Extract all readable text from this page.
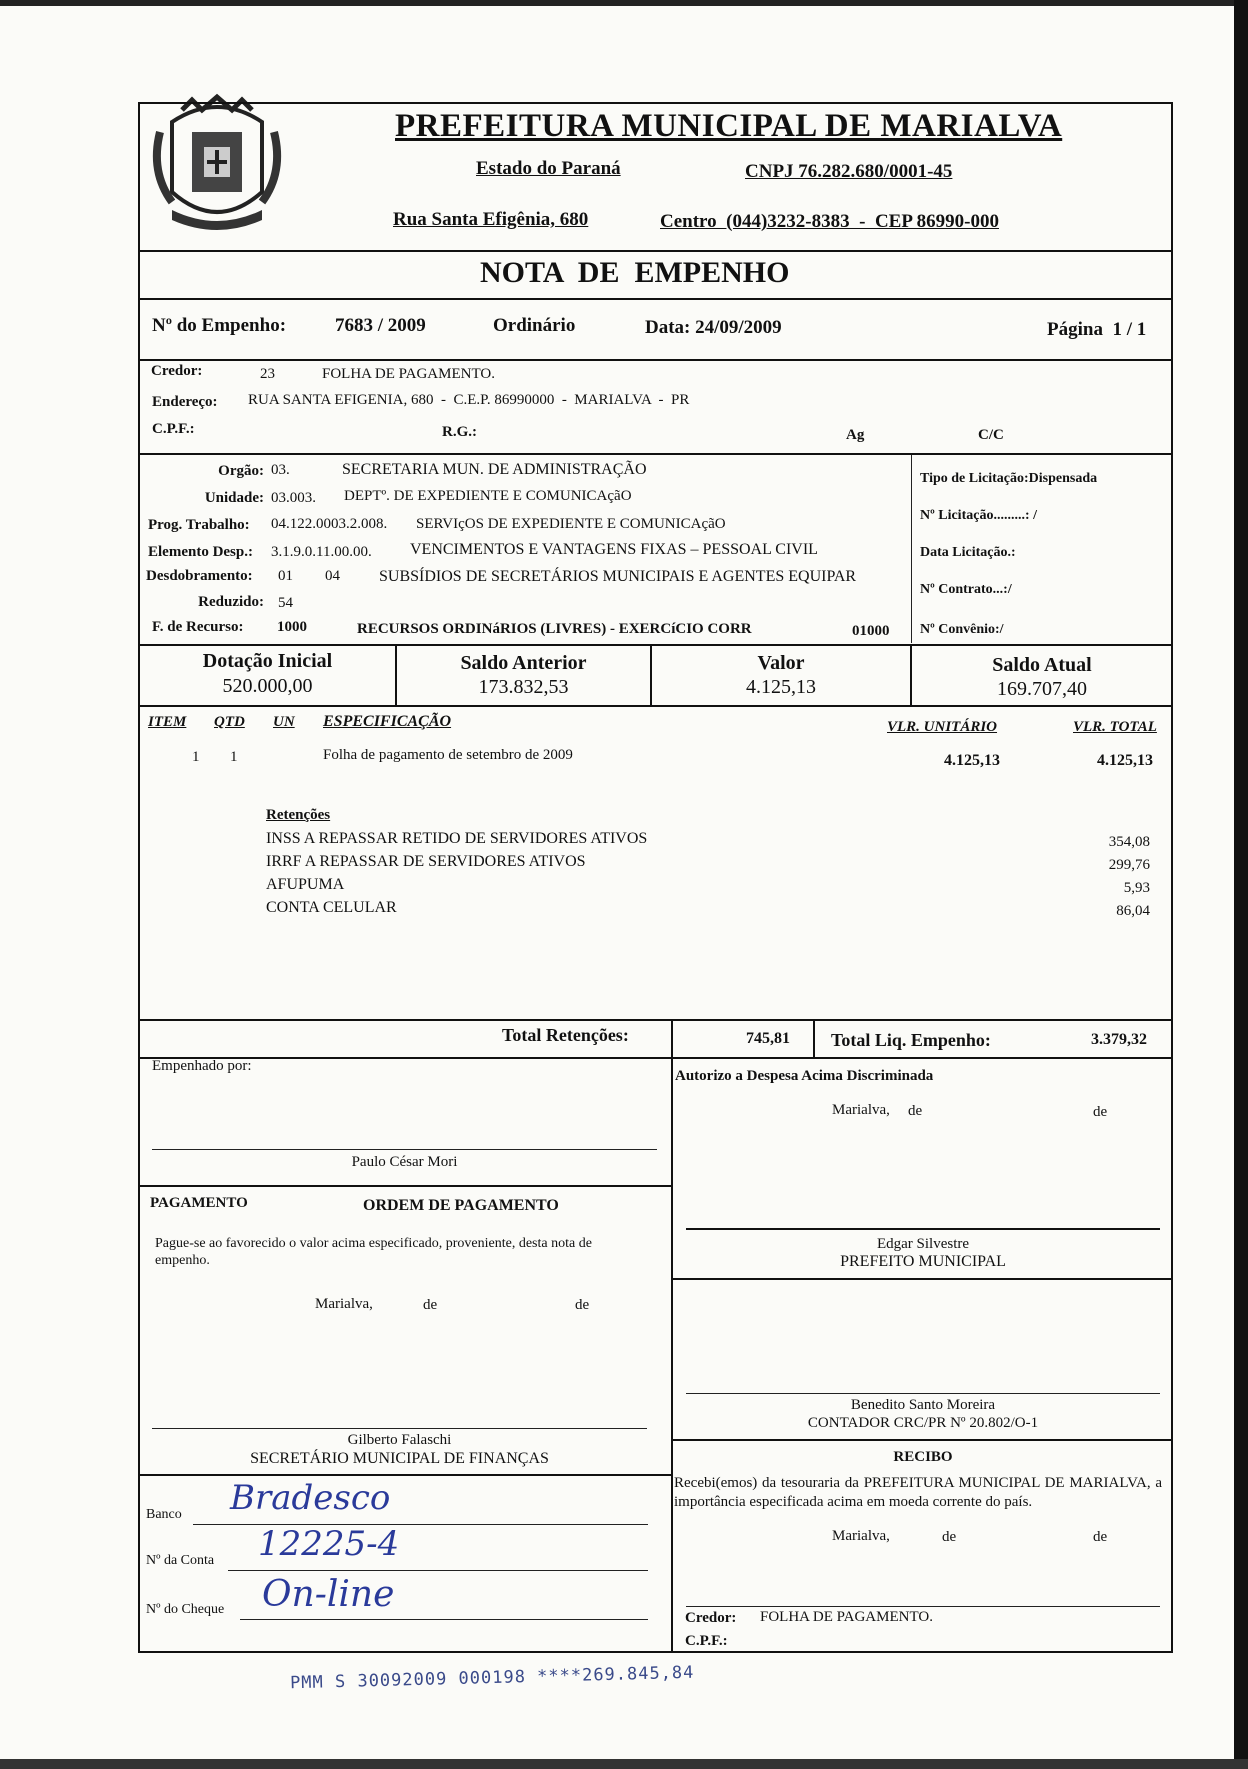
PREFEITURA MUNICIPAL DE MARIALVA
Estado do Paraná	CNPJ 76.282.680/0001-45
Rua Santa Efigênia, 680	Centro  (044)3232-8383  -  CEP 86990-000
NOTA  DE  EMPENHO
Nº do Empenho:	7683 / 2009	Ordinário	Data: 24/09/2009	Página  1 / 1
Credor:	23	FOLHA DE PAGAMENTO.
Endereço: RUA SANTA EFIGENIA, 680  -  C.E.P. 86990000  -  MARIALVA  -  PR
C.P.F.:	R.G.:	Ag	C/C
Orgão: 03.	SECRETARIA MUN. DE ADMINISTRAÇÃO
Unidade: 03.003. DEPTº. DE EXPEDIENTE E COMUNICAçãO
Prog. Trabalho: 04.122.0003.2.008. SERVIçOS DE EXPEDIENTE E COMUNICAçãO
Elemento Desp.: 3.1.9.0.11.00.00. VENCIMENTOS E VANTAGENS FIXAS – PESSOAL CIVIL
Desdobramento: 01 04 SUBSÍDIOS DE SECRETÁRIOS MUNICIPAIS E AGENTES EQUIPAR
Reduzido: 54
F. de Recurso: 1000	RECURSOS ORDINáRIOS (LIVRES) - EXERCíCIO CORR	01000
Tipo de Licitação:Dispensada
Nº Licitação.........: /
Data Licitação.:
Nº Contrato...:/
Nº Convênio:/
Dotação Inicial
520.000,00
Saldo Anterior
173.832,53
Valor
4.125,13
Saldo Atual
169.707,40
ITEM QTD UN ESPECIFICAÇÃO	VLR. UNITÁRIO	VLR. TOTAL
1 1	Folha de pagamento de setembro de 2009	4.125,13	4.125,13
Retenções
INSS A REPASSAR RETIDO DE SERVIDORES ATIVOS	354,08
IRRF A REPASSAR DE SERVIDORES ATIVOS	299,76
AFUPUMA	5,93
CONTA CELULAR	86,04
Total Retenções:	745,81 Total Liq. Empenho:	3.379,32
Empenhado por:
Paulo César Mori
Autorizo a Despesa Acima Discriminada
Marialva, de	de
PAGAMENTO	ORDEM DE PAGAMENTO
Pague-se ao favorecido o valor acima especificado, proveniente, desta nota de empenho.
Marialva,	de	de
Edgar Silvestre
PREFEITO MUNICIPAL
Benedito Santo Moreira
CONTADOR CRC/PR Nº 20.802/O-1
Gilberto Falaschi
SECRETÁRIO MUNICIPAL DE FINANÇAS	RECIBO
Recebi(emos) da tesouraria da PREFEITURA MUNICIPAL DE MARIALVA, a importância especificada acima em moeda corrente do país.
Marialva,	de	de
Banco Bradesco
Nº da Conta 12225-4
Nº do Cheque On-line
Credor: FOLHA DE PAGAMENTO.
C.P.F.:
PMM S 30092009 000198 ****269.845,84
